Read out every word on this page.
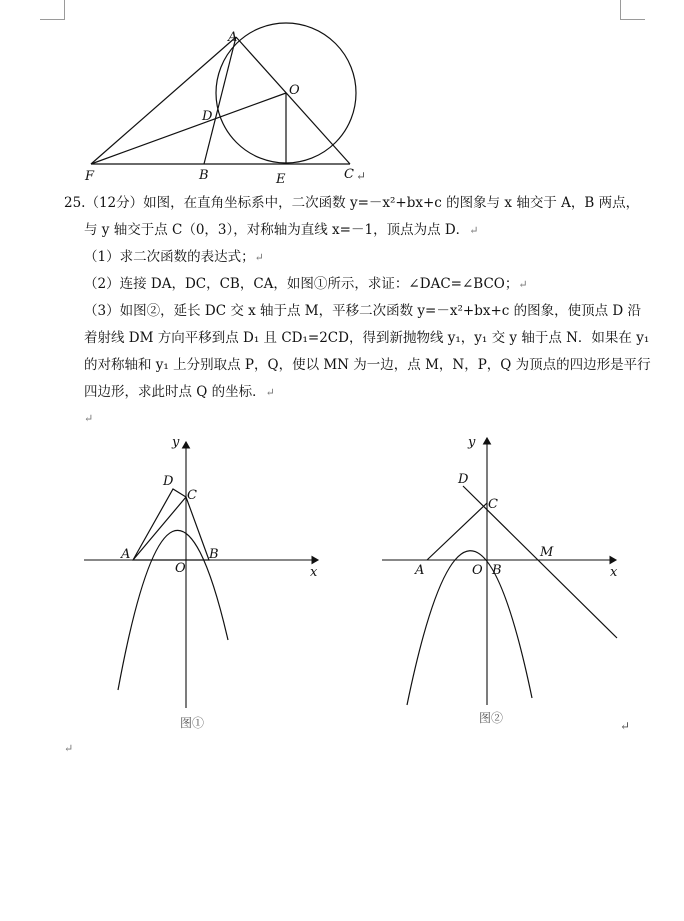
A
O
D
F	B	E	C ↵
25.（12分）如图，在直角坐标系中，二次函数 y=－x²+bx+c 的图象与 x 轴交于 A，B 两点，
与 y 轴交于点 C（0，3），对称轴为直线 x=－1，顶点为点 D．↵
（1）求二次函数的表达式；↵
（2）连接 DA，DC，CB，CA，如图①所示，求证：∠DAC=∠BCO；↵
（3）如图②，延长 DC 交 x 轴于点 M，平移二次函数 y=－x²+bx+c 的图象，使顶点 D 沿
着射线 DM 方向平移到点 D₁ 且 CD₁=2CD，得到新抛物线 y₁，y₁ 交 y 轴于点 N．如果在 y₁
的对称轴和 y₁ 上分别取点 P，Q，使以 MN 为一边，点 M，N，P，Q 为顶点的四边形是平行
四边形，求此时点 Q 的坐标．↵
↵
y
x
D
C
A
O
B
图①
y
x
D
C
A	O B
M
图②
↵
↵
